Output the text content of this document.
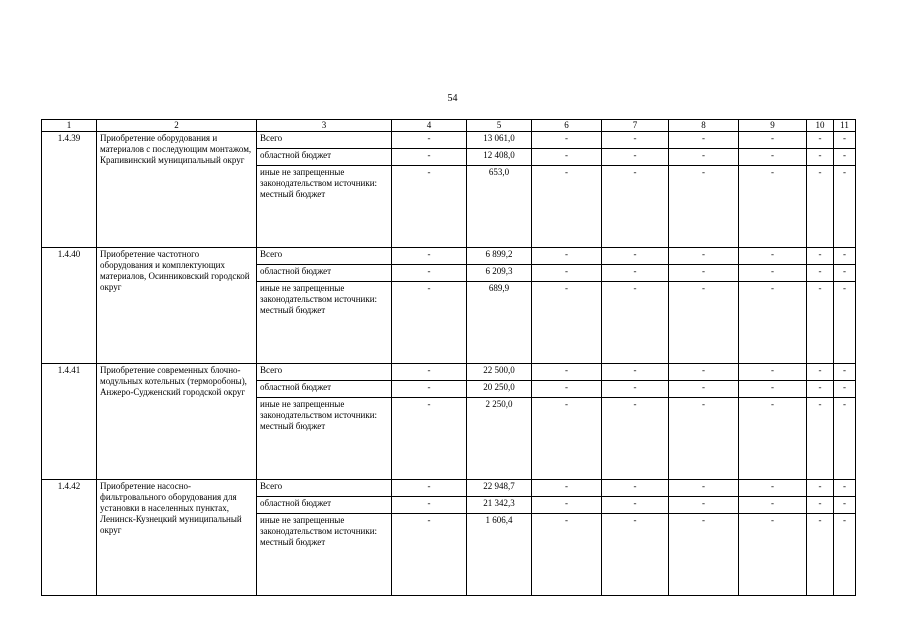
54
1	2	3	4	5	6	7	8	9	10	11
1.4.39	Приобретение оборудования и материалов с последующим монтажом, Крапивинский муниципальный округ	Всего	-	13 061,0	-	-	-	-	-	-
		областной бюджет	-	12 408,0	-	-	-	-	-	-

		иные не запрещенные законодательством источники:
местный бюджет	-	653,0	-	-	-	-	-	-
1.4.40	Приобретение частотного оборудования и комплектующих материалов, Осинниковский городской округ	Всего	-	6 899,2	-	-	-	-	-	-
		областной бюджет	-	6 209,3	-	-	-	-	-	-

		иные не запрещенные законодательством источники:
местный бюджет	-	689,9	-	-	-	-	-	-
1.4.41	Приобретение современных блочно-модульных котельных (терморобоны), Анжеро-Судженский городской округ	Всего	-	22 500,0	-	-	-	-	-	-
		областной бюджет	-	20 250,0	-	-	-	-	-	-

		иные не запрещенные законодательством источники:
местный бюджет	-	2 250,0	-	-	-	-	-	-
1.4.42	Приобретение насосно-фильтровального оборудования для установки в населенных пунктах, Ленинск-Кузнецкий муниципальный округ	Всего	-	22 948,7	-	-	-	-	-	-
		областной бюджет	-	21 342,3	-	-	-	-	-	-

		иные не запрещенные законодательством источники:
местный бюджет	-	1 606,4	-	-	-	-	-	-
